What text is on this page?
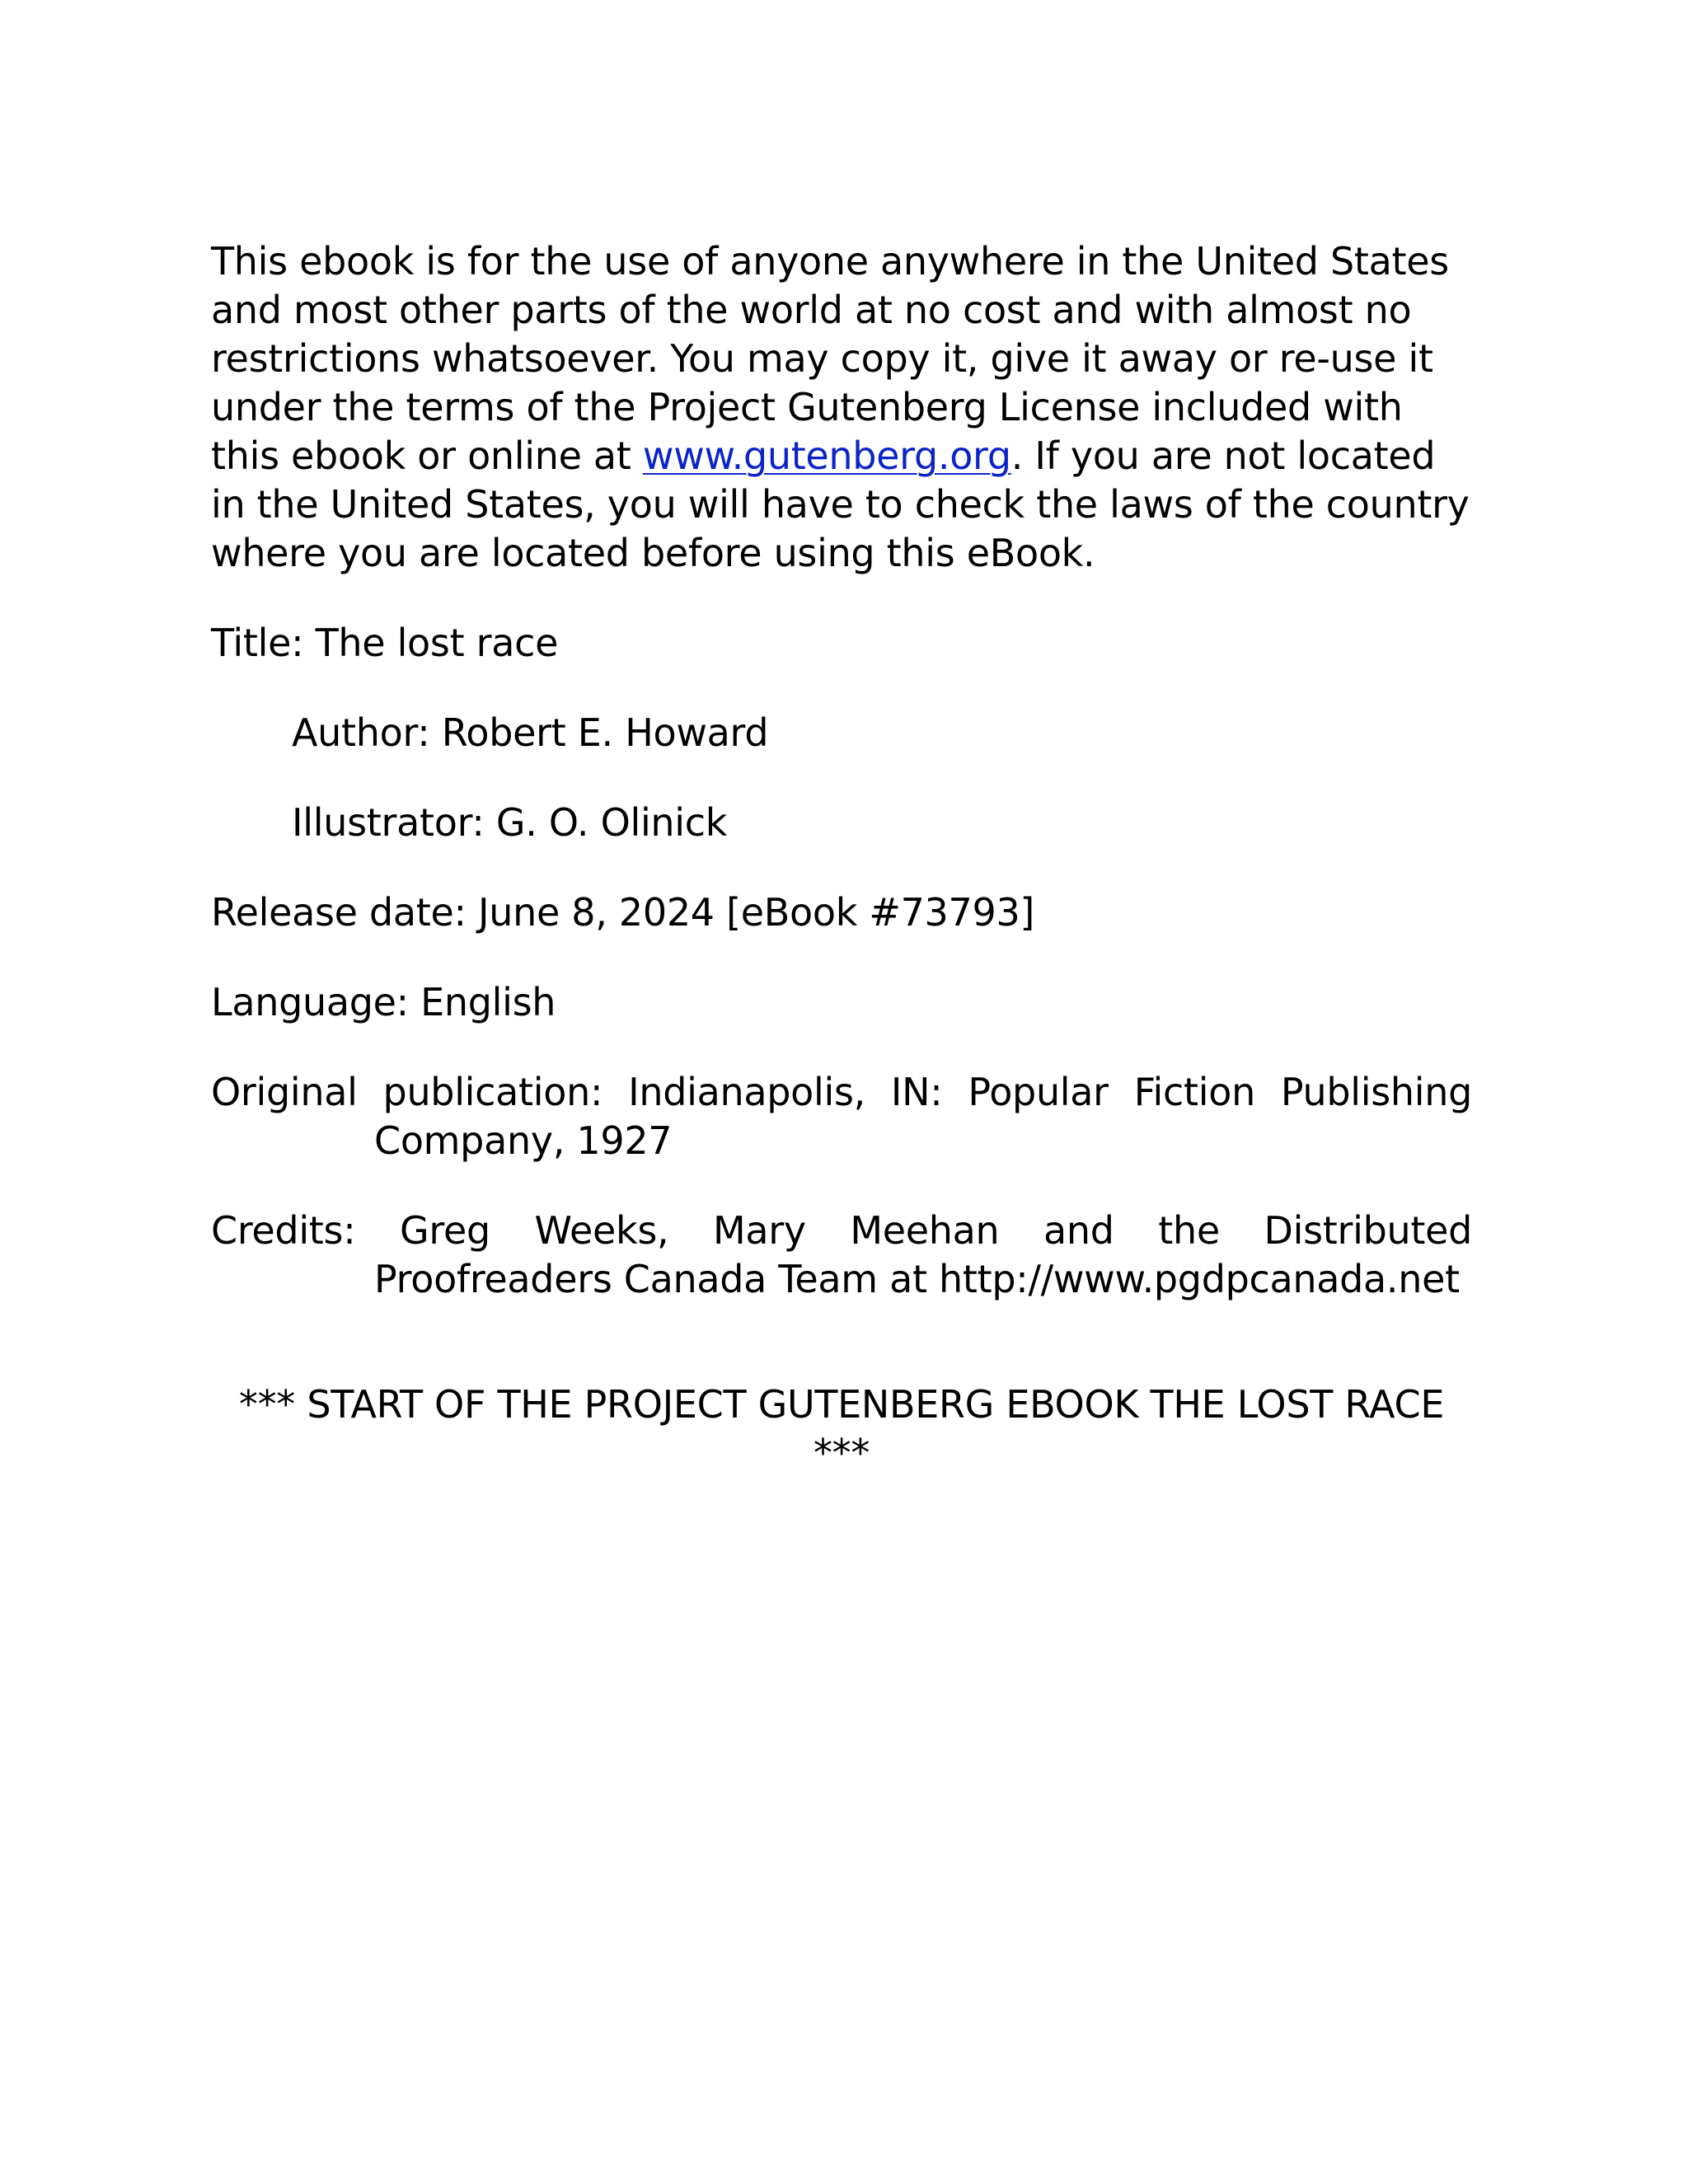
This ebook is for the use of anyone anywhere in the United States and most other parts of the world at no cost and with almost no restrictions whatsoever. You may copy it, give it away or re-use it under the terms of the Project Gutenberg License included with this ebook or online at www.gutenberg.org. If you are not located in the United States, you will have to check the laws of the country where you are located before using this eBook.

Title: The lost race

Author: Robert E. Howard

Illustrator: G. O. Olinick

Release date: June 8, 2024 [eBook #73793]

Language: English

Original publication: Indianapolis, IN: Popular Fiction Publishing Company, 1927

Credits: Greg Weeks, Mary Meehan and the Distributed Proofreaders Canada Team at http://www.pgdpcanada.net

*** START OF THE PROJECT GUTENBERG EBOOK THE LOST RACE ***
